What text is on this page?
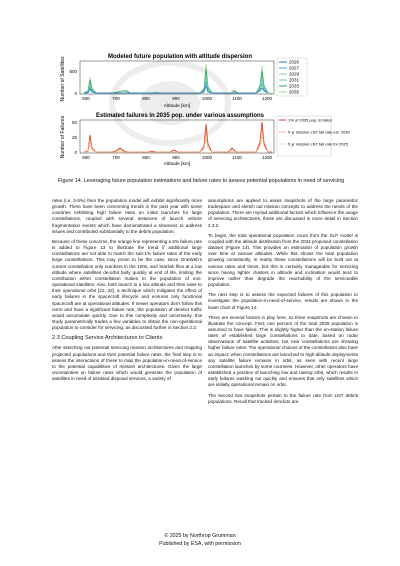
Modeled future population with altitude dispersion
Number of Satellites 0
500
600	700	800	900	1000	1100	1200
Altitude [km]
2026
2027
2029
2031
2033
2035
Estimated failures in 2035 pop. under various assumptions
Number of Failures 0
25
50
600	700	800	900	1000	1100	1200
Altitude [km]
1% of 2035 pop. is failed
5 yr mission LNT fail rate est. 2030
5 yr mission LNT fail rate for 2025
Figure 14. Leveraging future population estimations and failure rates to assess potential populations in need of servicing

rates (i.e, 3-5%) then the population model will exhibit significantly more growth. There have been concerning trends in the past year with some countries exhibiting high failure rates on initial launches for large constellations, coupled with several instances of launch vehicle fragmentation events which have demonstrated a slowness to address issues and contributed substantially to the debris population.

Because of these concerns, the orange line representing a 5% failure rate is added to Figure 13 to illustrate the trend if additional large constellations are not able to match the sub-1% failure rates of the early large constellations. This may prove to be the case, since OneWeb's current constellation only numbers in the 100s, and Starlink flies at a low altitude where satellites de-orbit fairly quickly at end of life, limiting the contribution either constellation makes to the population of non-operational satellites. Also, both launch to a low altitude and then raise to their operational orbit [21, 22], a technique which mitigates the effect of early failures in the spacecraft lifecycle and ensures only functional spacecraft are at operational altitudes. If newer operators don't follow this norm and have a significant failure rate, the population of derelict traffic would accumulate quickly. Due to this complexity and uncertainty, this study parametrically trades a few variables to obtain the non-operational population to consider for servicing, as discussed further in Section 2.3.

2.3 Coupling Service Architectures to Clients

After sketching out potential servicing mission architectures and mapping projected populations and their potential failure rates, the final step is to assess the interactions of these to map the population-in-need-of-service to the potential capabilities of mission architectures. Given the large uncertainties on failure rates which would generate the population of satellites in need of assisted disposal services, a variety of

assumptions are applied to asses snapshots of the large parametric tradespace and sketch out mission concepts to address the needs of the population. There are myriad additional factors which influence the usage of servicing architectures, these are discussed in more detail in Section 2.3.2.

To begin, the total operational population count from the SLP model is coupled with the altitude distribution from the 2034 proposed constellation dataset (Figure 14). This provides an estimation of population growth over time at various altitudes. While this shows the total population growing consistently, in reality these constellations will be built out at various rates and times, but this is certainly manageable for servicing since having tighter clusters in altitude and inclination would tend to improve rather than degrade the reachability of the serviceable population.

The next step is to assess the expected failures of this population to investigate the population-in-need-of-service, results are shown in the lower chart of Figure 14.

There are several factors in play here, so three snapshots are chosen to illustrate the concept. First, one percent of the total 2035 population is assumed to have failed. This is slightly higher than the on-station failure rates of established large constellations to date, based on radar observations of satellite activities, but new constellations are showing higher failure rates. The operational choices of the constellation also have an impact: when constellations are launched to high-altitude deployments any satellite failure remains in orbit, as seen with recent large constellation launches by some countries. However, other operators have established a practice of launching low and raising orbit, which results in early failures washing out quickly and ensures that only satellites which are initially operational remain on orbit.

The second two snapshots pertain to the failure rate from LNT debris populations. Recall that tracked derelicts are

© 2025 by Northrop Grumman
Published by ESA, with permission
